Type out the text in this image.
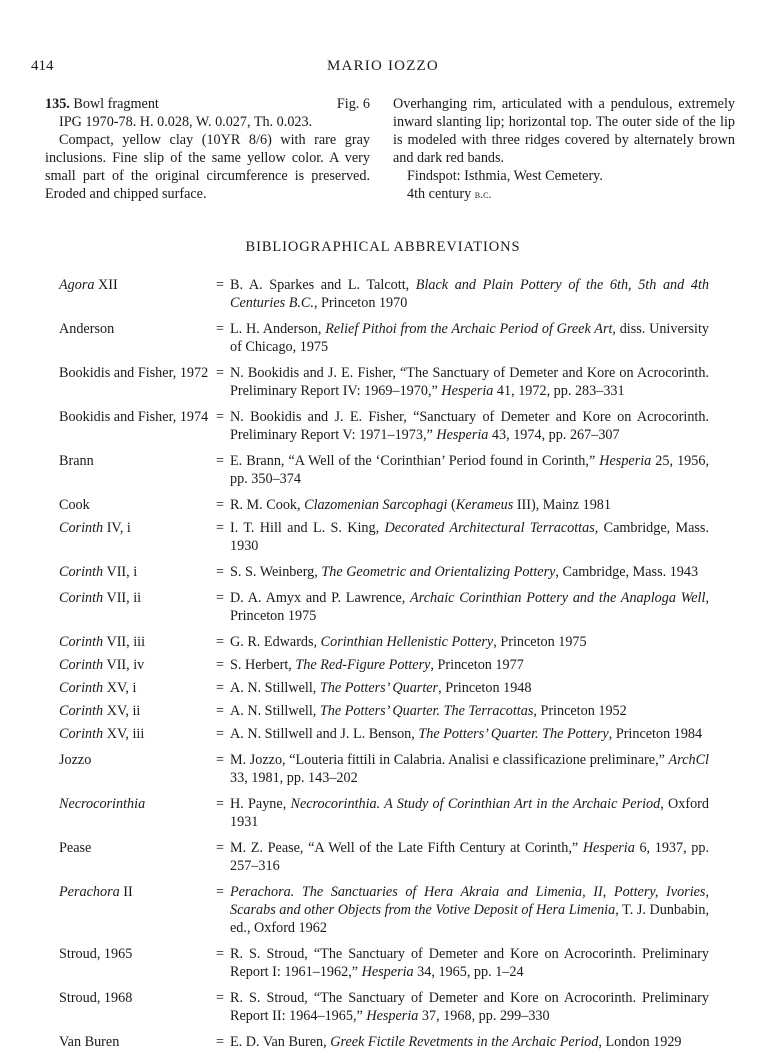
414	MARIO IOZZO
135. Bowl fragment	Fig. 6

IPG 1970-78. H. 0.028, W. 0.027, Th. 0.023.

Compact, yellow clay (10YR 8/6) with rare gray inclusions. Fine slip of the same yellow color. A very small part of the original circumference is preserved. Eroded and chipped surface.

Overhanging rim, articulated with a pendulous, extremely inward slanting lip; horizontal top. The outer side of the lip is modeled with three ridges covered by alternately brown and dark red bands.

Findspot: Isthmia, West Cemetery.

4th century b.c.

BIBLIOGRAPHICAL ABBREVIATIONS
Agora XII	= B. A. Sparkes and L. Talcott, Black and Plain Pottery of the 6th, 5th and 4th Centuries B.C., Princeton 1970
Anderson	= L. H. Anderson, Relief Pithoi from the Archaic Period of Greek Art, diss. University of Chicago, 1975
Bookidis and Fisher, 1972 = N. Bookidis and J. E. Fisher, “The Sanctuary of Demeter and Kore on Acrocorinth. Preliminary Report IV: 1969–1970,” Hesperia 41, 1972, pp. 283–331
Bookidis and Fisher, 1974 = N. Bookidis and J. E. Fisher, “Sanctuary of Demeter and Kore on Acrocorinth. Preliminary Report V: 1971–1973,” Hesperia 43, 1974, pp. 267–307
Brann	= E. Brann, “A Well of the ‘Corinthian’ Period found in Corinth,” Hesperia 25, 1956, pp. 350–374
Cook	= R. M. Cook, Clazomenian Sarcophagi (Kerameus III), Mainz 1981
Corinth IV, i	= I. T. Hill and L. S. King, Decorated Architectural Terracottas, Cambridge, Mass. 1930
Corinth VII, i	= S. S. Weinberg, The Geometric and Orientalizing Pottery, Cambridge, Mass. 1943
Corinth VII, ii	= D. A. Amyx and P. Lawrence, Archaic Corinthian Pottery and the Anaploga Well, Princeton 1975
Corinth VII, iii	= G. R. Edwards, Corinthian Hellenistic Pottery, Princeton 1975
Corinth VII, iv	= S. Herbert, The Red-Figure Pottery, Princeton 1977
Corinth XV, i	= A. N. Stillwell, The Potters’ Quarter, Princeton 1948
Corinth XV, ii	= A. N. Stillwell, The Potters’ Quarter. The Terracottas, Princeton 1952
Corinth XV, iii	= A. N. Stillwell and J. L. Benson, The Potters’ Quarter. The Pottery, Princeton 1984
Jozzo	= M. Jozzo, “Louteria fittili in Calabria. Analisi e classificazione preliminare,” ArchCl 33, 1981, pp. 143–202
Necrocorinthia	= H. Payne, Necrocorinthia. A Study of Corinthian Art in the Archaic Period, Oxford 1931
Pease	= M. Z. Pease, “A Well of the Late Fifth Century at Corinth,” Hesperia 6, 1937, pp. 257–316
Perachora II	= Perachora. The Sanctuaries of Hera Akraia and Limenia, II, Pottery, Ivories, Scarabs and other Objects from the Votive Deposit of Hera Limenia, T. J. Dunbabin, ed., Oxford 1962
Stroud, 1965	= R. S. Stroud, “The Sanctuary of Demeter and Kore on Acrocorinth. Preliminary Report I: 1961–1962,” Hesperia 34, 1965, pp. 1–24
Stroud, 1968	= R. S. Stroud, “The Sanctuary of Demeter and Kore on Acrocorinth. Preliminary Report II: 1964–1965,” Hesperia 37, 1968, pp. 299–330
Van Buren	= E. D. Van Buren, Greek Fictile Revetments in the Archaic Period, London 1929
